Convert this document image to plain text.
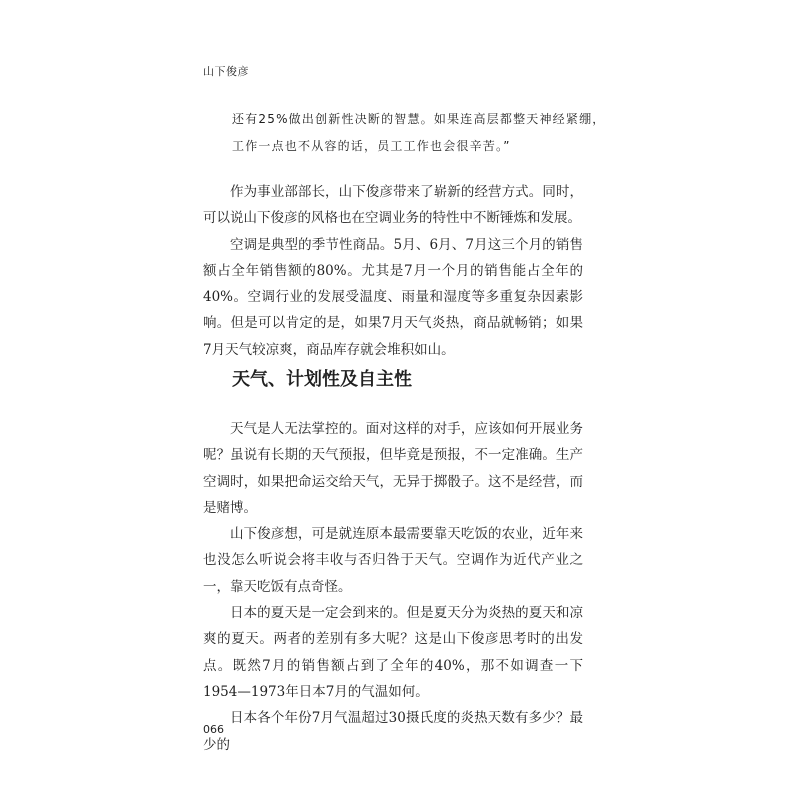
山下俊彦

还有25%做出创新性决断的智慧。如果连高层都整天神经紧绷，

工作一点也不从容的话，员工工作也会很辛苦。”

作为事业部部长，山下俊彦带来了崭新的经营方式。同时，可以说山下俊彦的风格也在空调业务的特性中不断锤炼和发展。

空调是典型的季节性商品。5月、6月、7月这三个月的销售额占全年销售额的80%。尤其是7月一个月的销售能占全年的40%。空调行业的发展受温度、雨量和湿度等多重复杂因素影响。但是可以肯定的是，如果7月天气炎热，商品就畅销；如果7月天气较凉爽，商品库存就会堆积如山。

天气、计划性及自主性

天气是人无法掌控的。面对这样的对手，应该如何开展业务呢？虽说有长期的天气预报，但毕竟是预报，不一定准确。生产空调时，如果把命运交给天气，无异于掷骰子。这不是经营，而是赌博。

山下俊彦想，可是就连原本最需要靠天吃饭的农业，近年来也没怎么听说会将丰收与否归咎于天气。空调作为近代产业之一，靠天吃饭有点奇怪。

日本的夏天是一定会到来的。但是夏天分为炎热的夏天和凉爽的夏天。两者的差别有多大呢？这是山下俊彦思考时的出发点。既然7月的销售额占到了全年的40%，那不如调查一下1954—1973年日本7月的气温如何。

日本各个年份7月气温超过30摄氏度的炎热天数有多少？最少的

066
